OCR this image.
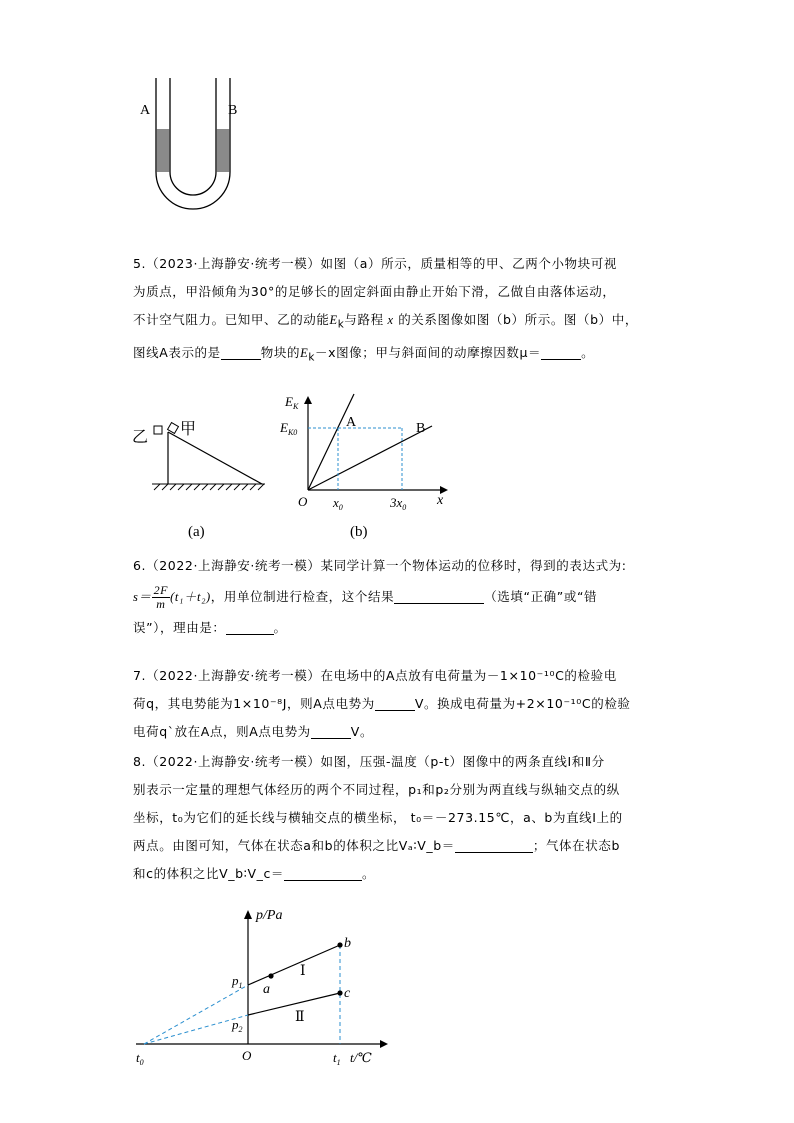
A	B
5.（2023·上海静安·统考一模）如图（a）所示，质量相等的甲、乙两个小物块可视
为质点，甲沿倾角为30°的足够长的固定斜面由静止开始下滑，乙做自由落体运动，
不计空气阻力。已知甲、乙的动能$E_k$与路程 x 的关系图像如图（b）所示。图（b）中，
图线A表示的是	物块的$E_k-x$图像；甲与斜面间的动摩擦因数μ＝	。
乙 甲
(a)
$E_K$
$E_{K0}$
A	B
O $x_0$	$3x_0$ x
(b)
6.（2022·上海静安·统考一模）某同学计算一个物体运动的位移时，得到的表达式为:
$s= \frac{2F}{m} (t_1+t_2)$，用单位制进行检查，这个结果	（选填“正确”或“错
误”），理由是：	。
7.（2022·上海静安·统考一模）在电场中的A点放有电荷量为－1×10⁻¹⁰C的检验电
荷q，其电势能为1×10⁻⁸J，则A点电势为	V。换成电荷量为+2×10⁻¹⁰C的检验
电荷q`放在A点，则A点电势为	V。
8.（2022·上海静安·统考一模）如图，压强-温度（p-t）图像中的两条直线Ⅰ和Ⅱ分
别表示一定量的理想气体经历的两个不同过程，p₁和p₂分别为两直线与纵轴交点的纵
坐标，t₀为它们的延长线与横轴交点的横坐标， t₀＝－273.15℃，a、b为直线Ⅰ上的
两点。由图可知，气体在状态a和b的体积之比Vₐ∶V_b＝	；气体在状态b
和c的体积之比V_b∶V_c＝	。
p/Pa
$p_1$
$p_2$
a
b
c
Ⅰ
Ⅱ
$t_0$	O	$t_1$ t/℃
